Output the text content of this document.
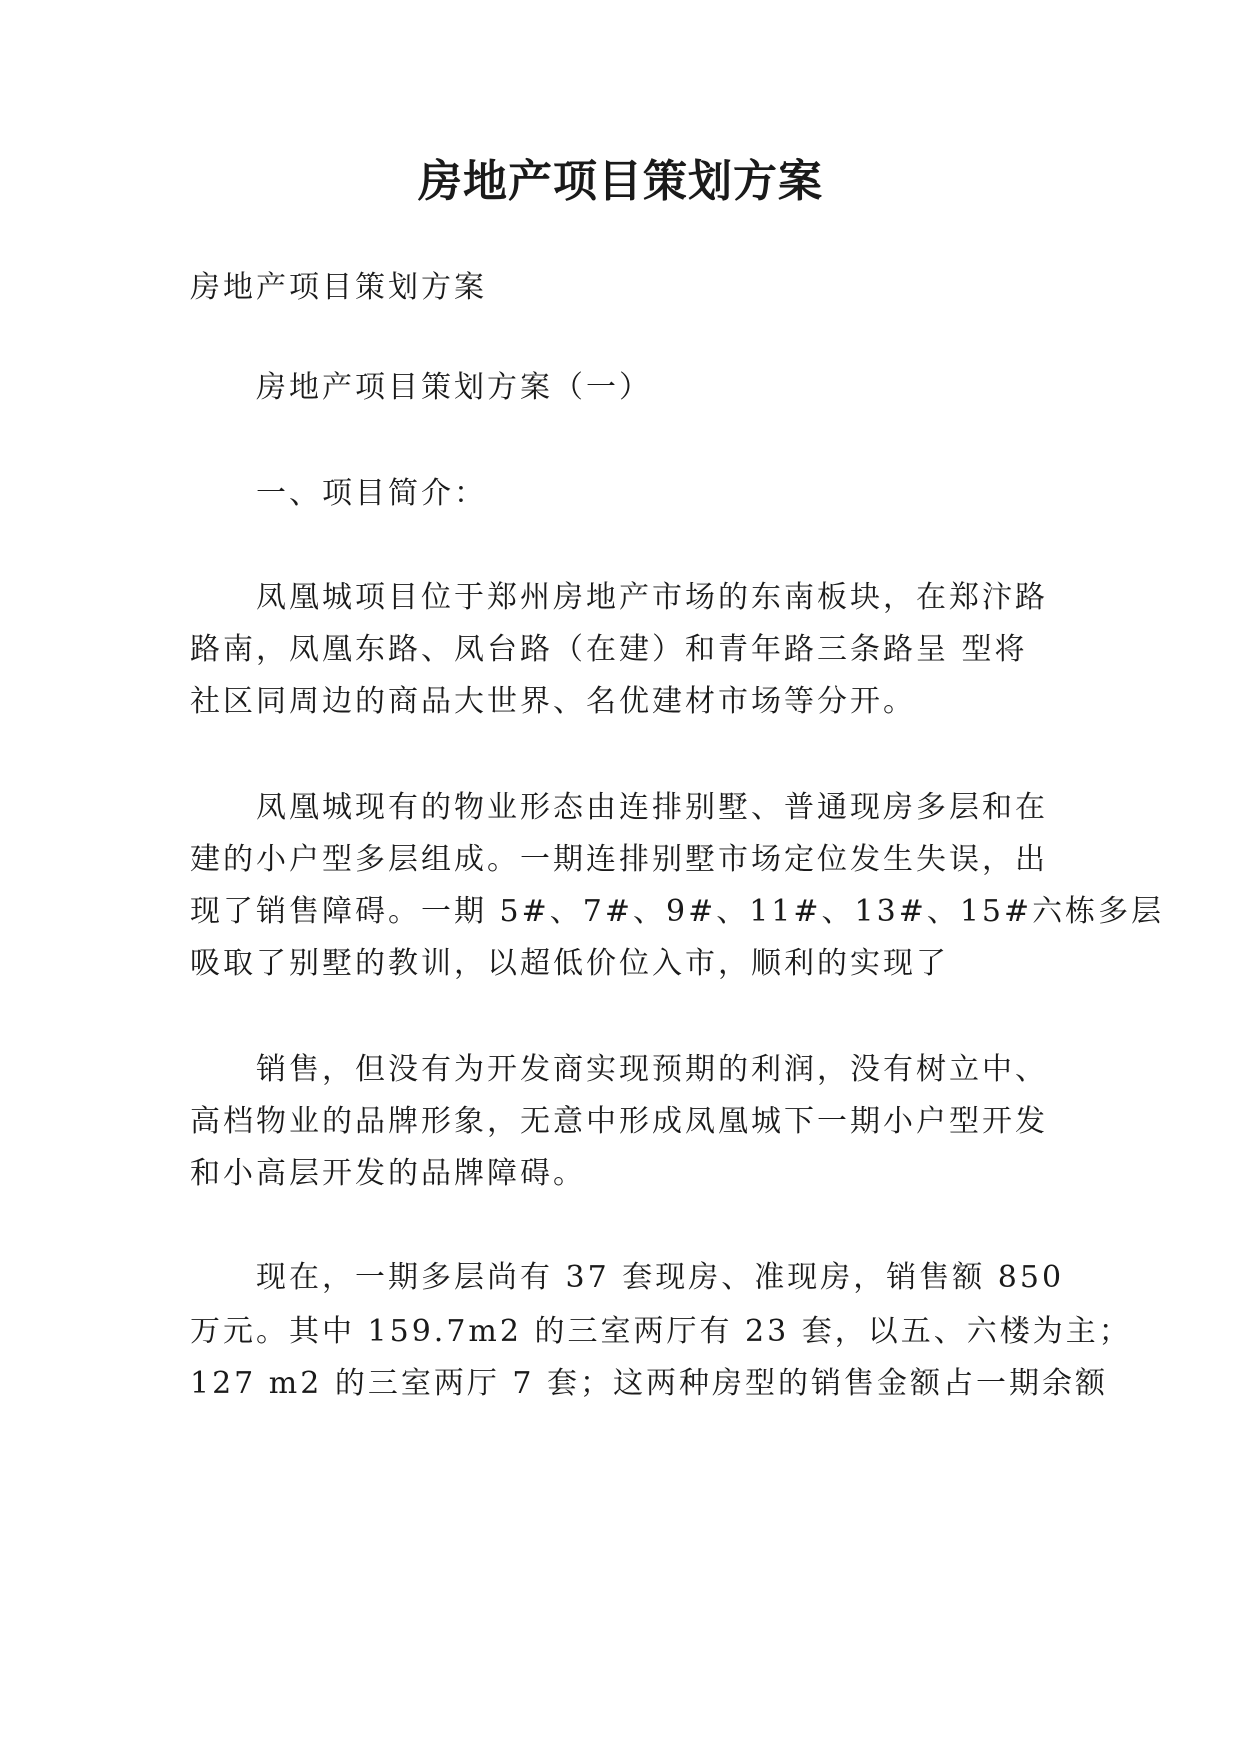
房地产项目策划方案

房地产项目策划方案

房地产项目策划方案（一）

一、项目简介：

凤凰城项目位于郑州房地产市场的东南板块，在郑汴路

路南，凤凰东路、凤台路（在建）和青年路三条路呈 型将

社区同周边的商品大世界、名优建材市场等分开。

凤凰城现有的物业形态由连排别墅、普通现房多层和在

建的小户型多层组成。一期连排别墅市场定位发生失误，出

现了销售障碍。一期 5#、7#、9#、11#、13#、15#六栋多层

吸取了别墅的教训，以超低价位入市，顺利的实现了

销售，但没有为开发商实现预期的利润，没有树立中、

高档物业的品牌形象，无意中形成凤凰城下一期小户型开发

和小高层开发的品牌障碍。

现在，一期多层尚有 37 套现房、准现房，销售额 850

万元。其中 159.7m2 的三室两厅有 23 套，以五、六楼为主；

127 m2 的三室两厅 7 套；这两种房型的销售金额占一期余额
